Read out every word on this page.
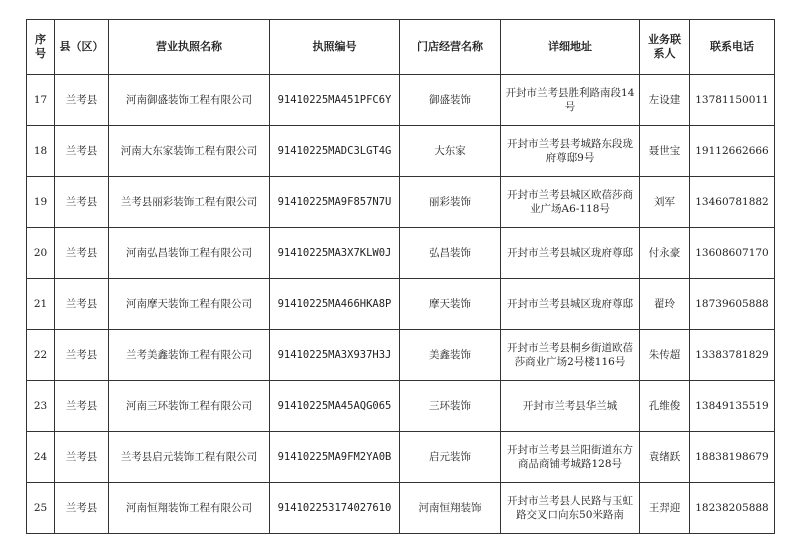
序号	县（区）	营业执照名称	执照编号	门店经营名称	详细地址	业务联系人	联系电话
17	兰考县	河南御盛装饰工程有限公司	91410225MA451PFC6Y	御盛装饰	开封市兰考县胜利路南段14号	左设建	13781150011
18	兰考县	河南大东家装饰工程有限公司	91410225MADC3LGT4G	大东家	开封市兰考县考城路东段珑府尊邸9号	聂世宝	19112662666
19	兰考县	兰考县丽彩装饰工程有限公司	91410225MA9F857N7U	丽彩装饰	开封市兰考县城区欧蓓莎商业广场A6-118号	刘军	13460781882
20	兰考县	河南弘昌装饰工程有限公司	91410225MA3X7KLW0J	弘昌装饰	开封市兰考县城区珑府尊邸	付永豪	13608607170
21	兰考县	河南摩天装饰工程有限公司	91410225MA466HKA8P	摩天装饰	开封市兰考县城区珑府尊邸	翟玲	18739605888
22	兰考县	兰考美鑫装饰工程有限公司	91410225MA3X937H3J	美鑫装饰	开封市兰考县桐乡街道欧蓓莎商业广场2号楼116号	朱传超	13383781829
23	兰考县	河南三环装饰工程有限公司	91410225MA45AQG065	三环装饰	开封市兰考县华兰城	孔维俊	13849135519
24	兰考县	兰考县启元装饰工程有限公司	91410225MA9FM2YA0B	启元装饰	开封市兰考县兰阳街道东方商品商铺考城路128号	袁绪跃	18838198679
25	兰考县	河南恒翔装饰工程有限公司	914102253174027610	河南恒翔装饰	开封市兰考县人民路与玉虹路交叉口向东50米路南	王羿迎	18238205888
